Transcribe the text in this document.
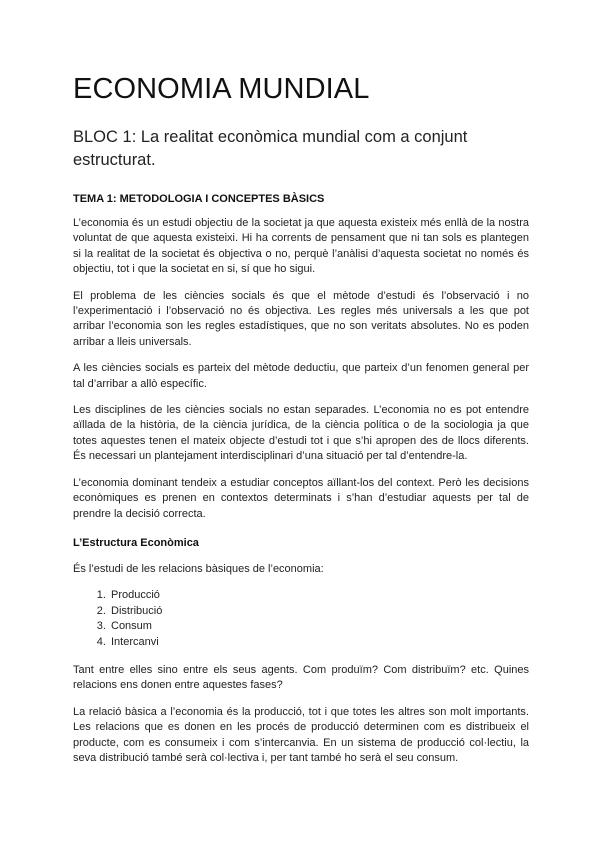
ECONOMIA MUNDIAL
BLOC 1: La realitat econòmica mundial com a conjunt estructurat.
TEMA 1: METODOLOGIA I CONCEPTES BÀSICS

L’economia és un estudi objectiu de la societat ja que aquesta existeix més enllà de la nostra voluntat de que aquesta existeixi. Hi ha corrents de pensament que ni tan sols es plantegen si la realitat de la societat és objectiva o no, perquè l’anàlisi d’aquesta societat no només és objectiu, tot i que la societat en si, sí que ho sigui.

El problema de les ciències socials és que el mètode d’estudi és l’observació i no l’experimentació i l’observació no és objectiva. Les regles més universals a les que pot arribar l’economia son les regles estadístiques, que no son veritats absolutes. No es poden arribar a lleis universals.

A les ciències socials es parteix del mètode deductiu, que parteix d’un fenomen general per tal d’arribar a allò específic.

Les disciplines de les ciències socials no estan separades. L’economia no es pot entendre aïllada de la història, de la ciència jurídica, de la ciència política o de la sociologia ja que totes aquestes tenen el mateix objecte d’estudi tot i que s’hi apropen des de llocs diferents. És necessari un plantejament interdisciplinari d’una situació per tal d’entendre-la.

L’economia dominant tendeix a estudiar conceptos aïllant-los del context. Però les decisions econòmiques es prenen en contextos determinats i s’han d’estudiar aquests per tal de prendre la decisió correcta.

L’Estructura Econòmica

És l’estudi de les relacions bàsiques de l’economia:

1. Producció
2. Distribució
3. Consum
4. Intercanvi

Tant entre elles sino entre els seus agents. Com produïm? Com distribuïm? etc. Quines relacions ens donen entre aquestes fases?

La relació bàsica a l’economia és la producció, tot i que totes les altres son molt importants. Les relacions que es donen en les procés de producció determinen com es distribueix el producte, com es consumeix i com s’intercanvia. En un sistema de producció col·lectiu, la seva distribució també serà col·lectiva i, per tant també ho serà el seu consum.
